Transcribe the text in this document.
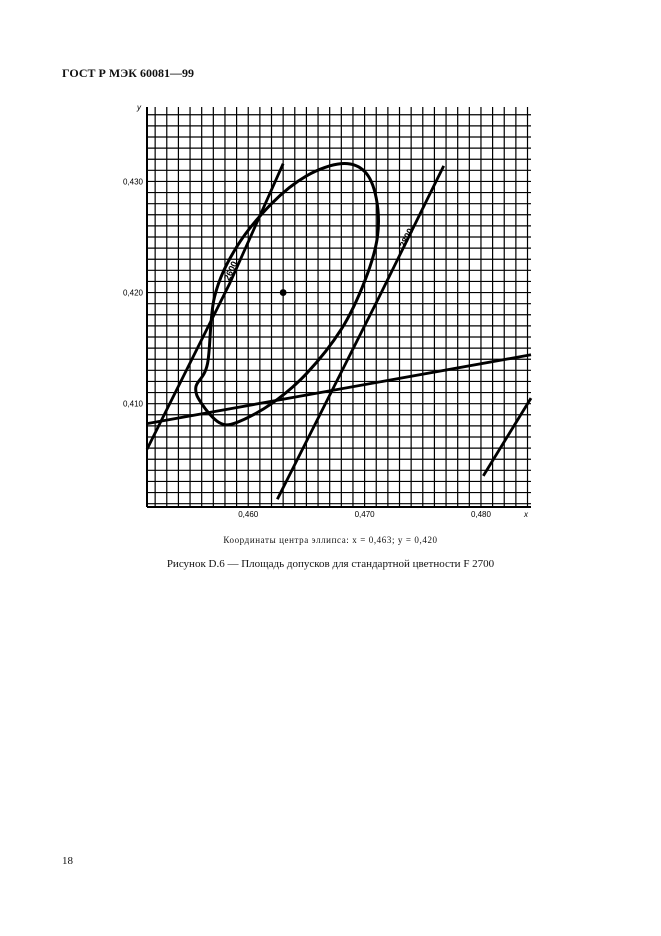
ГОСТ Р МЭК 60081—99
2600
2800
0,460	0,470	0,480
0,430
0,420
0,410
x
y
Координаты центра эллипса: x = 0,463; y = 0,420
Рисунок D.6 — Площадь допусков для стандартной цветности F 2700
18
